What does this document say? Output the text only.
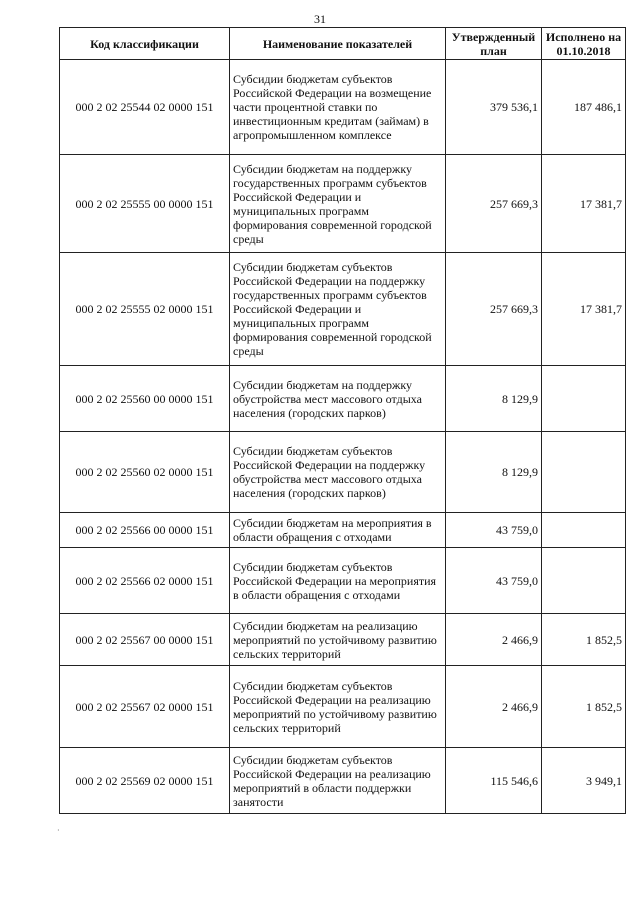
31
Код классификации	Наименование показателей	Утвержденный план	Исполнено на 01.10.2018
000 2 02 25544 02 0000 151	Субсидии бюджетам субъектов Российской Федерации на возмещение части процентной ставки по инвестиционным кредитам (займам) в агропромышленном комплексе	379 536,1	187 486,1
000 2 02 25555 00 0000 151	Субсидии бюджетам на поддержку государственных программ субъектов Российской Федерации и муниципальных программ формирования современной городской среды	257 669,3	17 381,7
000 2 02 25555 02 0000 151	Субсидии бюджетам субъектов Российской Федерации на поддержку государственных программ субъектов Российской Федерации и муниципальных программ формирования современной городской среды	257 669,3	17 381,7
000 2 02 25560 00 0000 151	Субсидии бюджетам на поддержку обустройства мест массового отдыха населения (городских парков)	8 129,9	
000 2 02 25560 02 0000 151	Субсидии бюджетам субъектов Российской Федерации на поддержку обустройства мест массового отдыха населения (городских парков)	8 129,9	
000 2 02 25566 00 0000 151	Субсидии бюджетам на мероприятия в области обращения с отходами	43 759,0	
000 2 02 25566 02 0000 151	Субсидии бюджетам субъектов Российской Федерации на мероприятия в области обращения с отходами	43 759,0	
000 2 02 25567 00 0000 151	Субсидии бюджетам на реализацию мероприятий по устойчивому развитию сельских территорий	2 466,9	1 852,5
000 2 02 25567 02 0000 151	Субсидии бюджетам субъектов Российской Федерации на реализацию мероприятий по устойчивому развитию сельских территорий	2 466,9	1 852,5
000 2 02 25569 02 0000 151	Субсидии бюджетам субъектов Российской Федерации на реализацию мероприятий в области поддержки занятости	115 546,6	3 949,1
·
